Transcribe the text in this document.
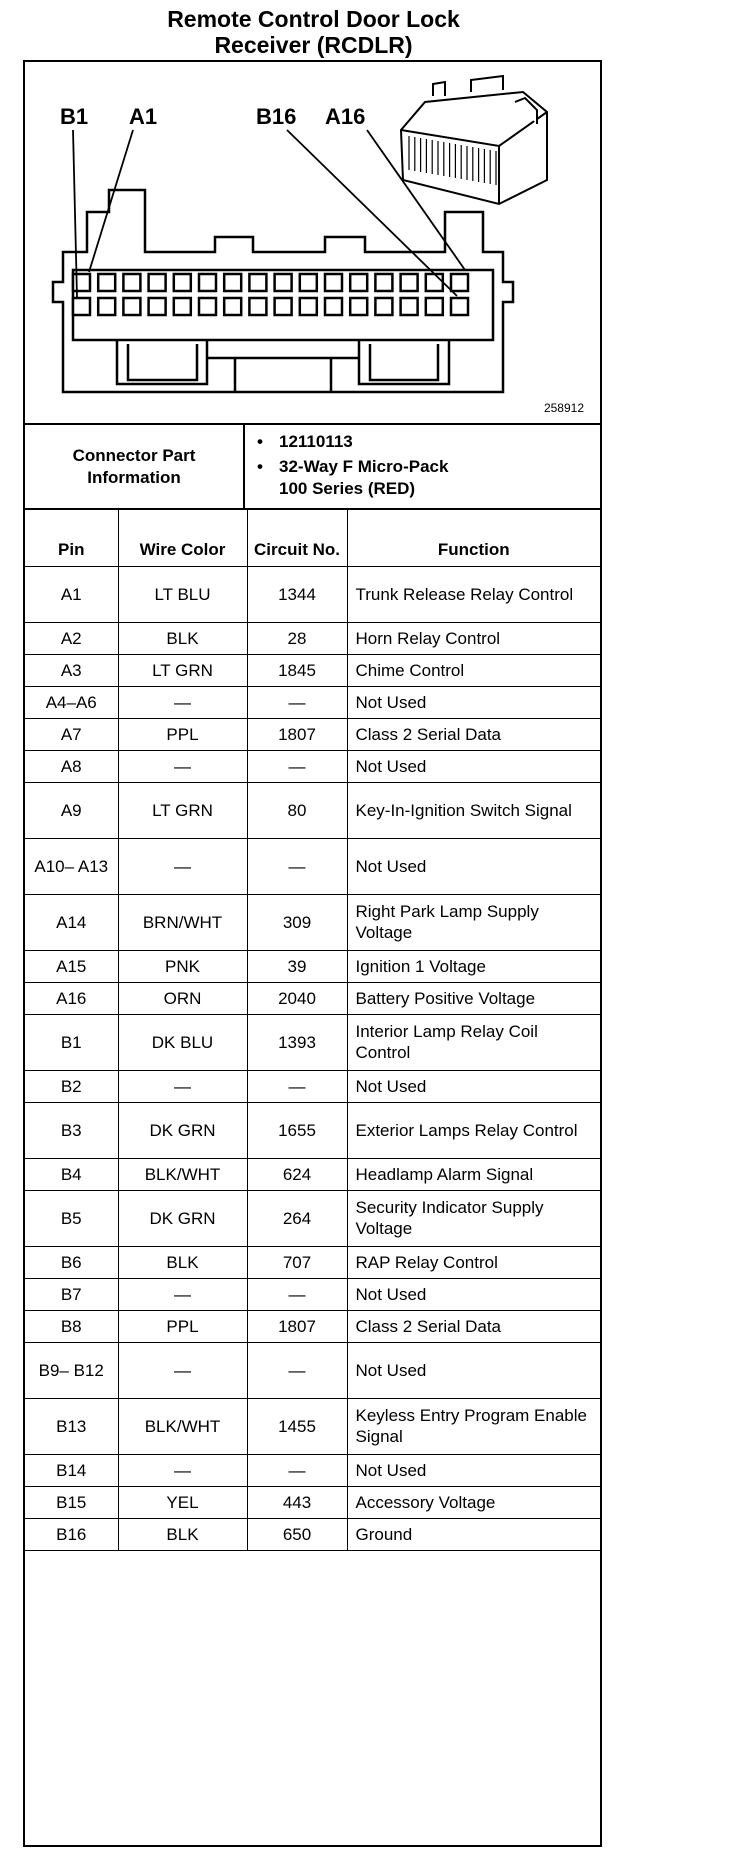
Remote Control Door Lock
Receiver (RCDLR)
B1 A1	B16 A16
258912
Connector Part Information
• 12110113
• 32-Way F Micro-Pack
100 Series (RED)
Pin	Wire Color	Circuit No.	Function
A1	LT BLU	1344	Trunk Release Relay Control
A2	BLK	28	Horn Relay Control
A3	LT GRN	1845	Chime Control
A4–A6	—	—	Not Used
A7	PPL	1807	Class 2 Serial Data
A8	—	—	Not Used
A9	LT GRN	80	Key-In-Ignition Switch Signal
A10– A13	—	—	Not Used
A14	BRN/WHT	309	Right Park Lamp Supply Voltage
A15	PNK	39	Ignition 1 Voltage
A16	ORN	2040	Battery Positive Voltage
B1	DK BLU	1393	Interior Lamp Relay Coil Control
B2	—	—	Not Used
B3	DK GRN	1655	Exterior Lamps Relay Control
B4	BLK/WHT	624	Headlamp Alarm Signal
B5	DK GRN	264	Security Indicator Supply Voltage
B6	BLK	707	RAP Relay Control
B7	—	—	Not Used
B8	PPL	1807	Class 2 Serial Data
B9– B12	—	—	Not Used
B13	BLK/WHT	1455	Keyless Entry Program Enable Signal
B14	—	—	Not Used
B15	YEL	443	Accessory Voltage
B16	BLK	650	Ground
